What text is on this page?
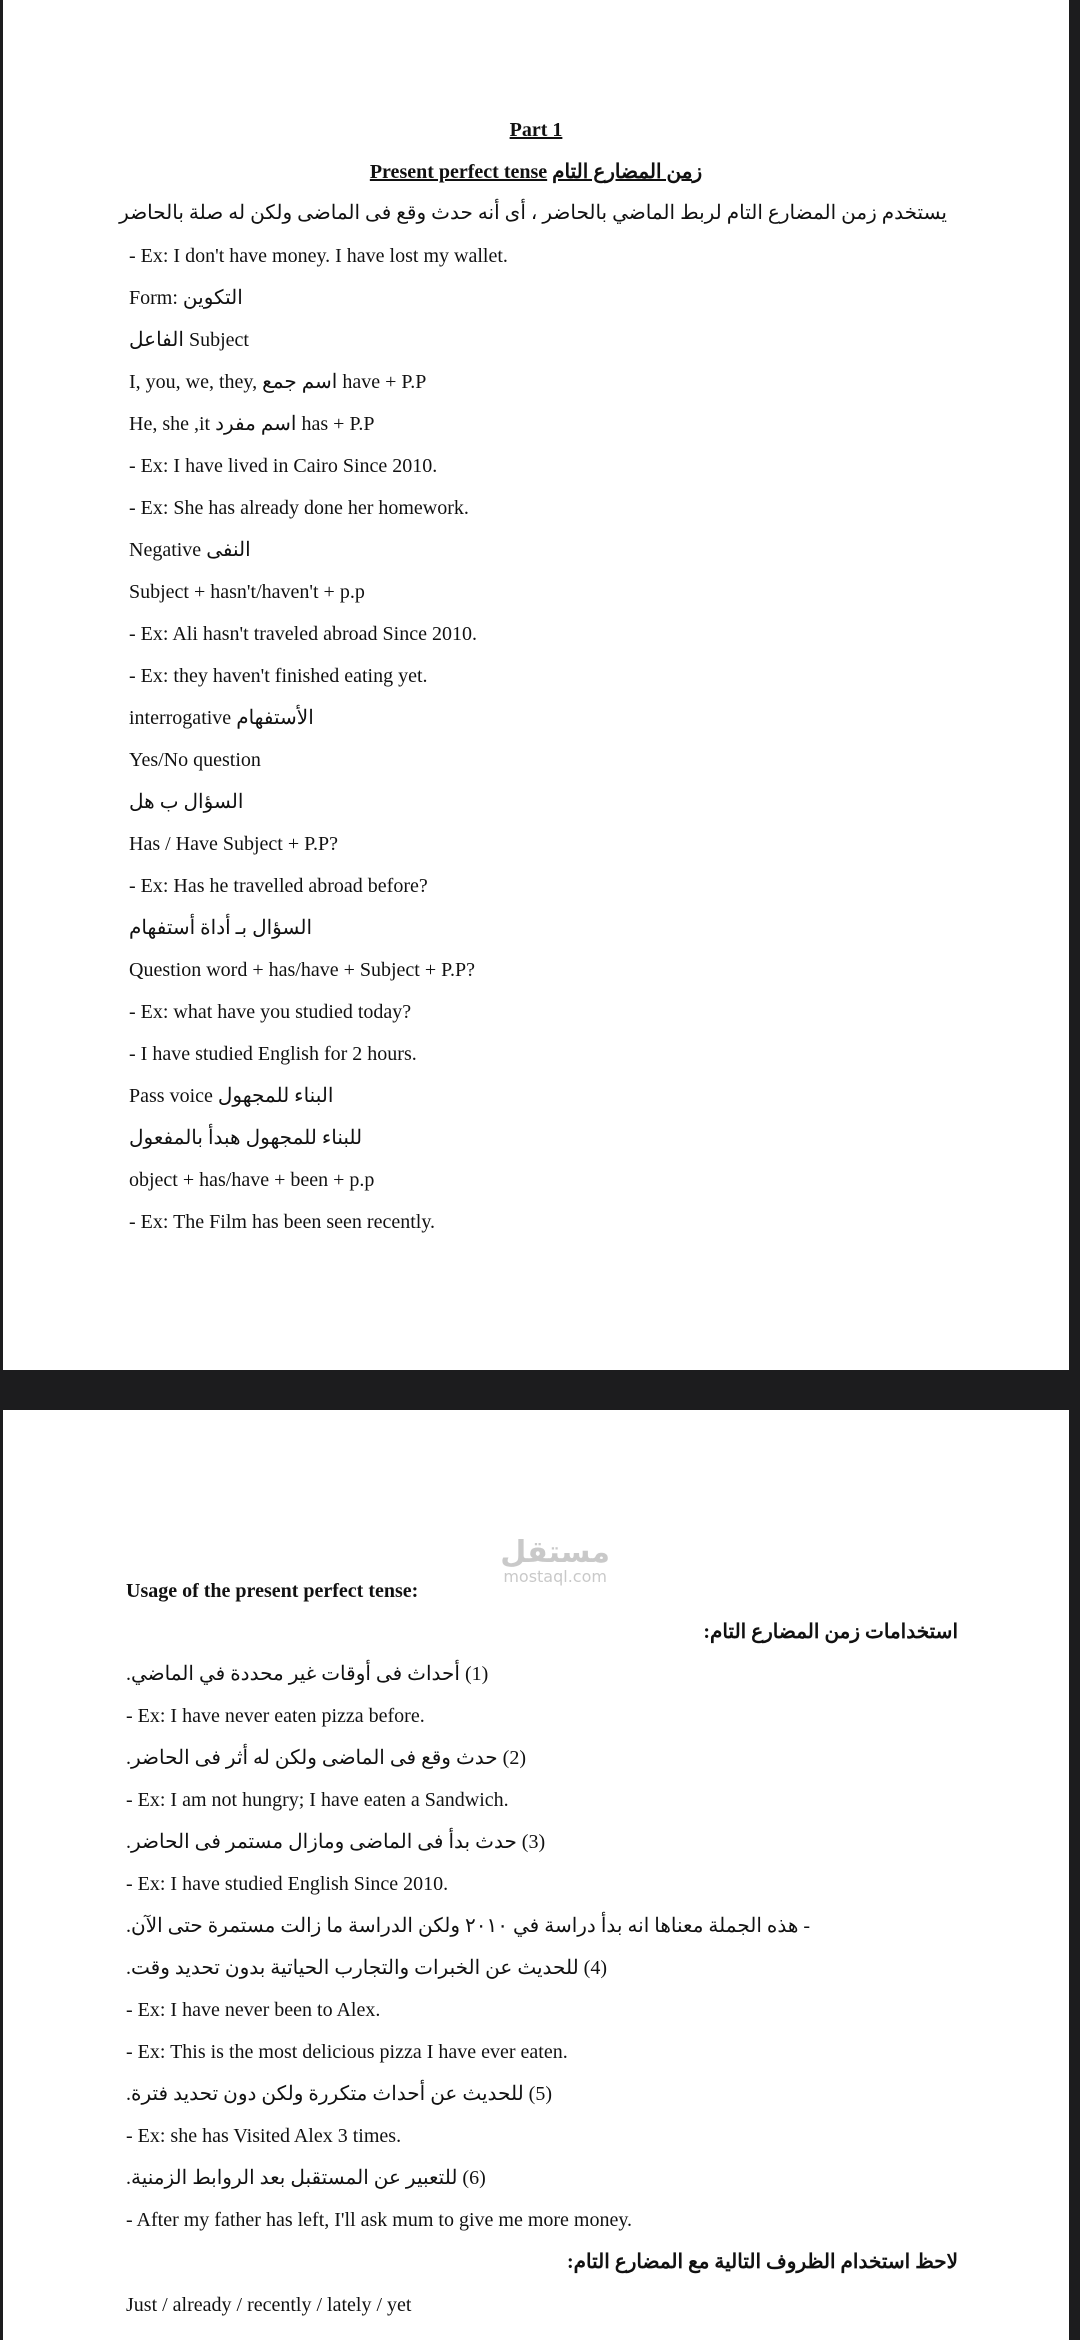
Part 1
Present perfect tense زمن المضارع التام
يستخدم زمن المضارع التام لربط الماضي بالحاضر ، أى أنه حدث وقع فى الماضى ولكن له صلة بالحاضر
- Ex: I don't have money. I have lost my wallet.
Form: التكوين
الفاعل Subject
I, you, we, they, اسم جمع have + P.P
He, she ,it اسم مفرد has + P.P
- Ex: I have lived in Cairo Since 2010.
- Ex: She has already done her homework.
Negative النفى
Subject + hasn't/haven't + p.p
- Ex: Ali hasn't traveled abroad Since 2010.
- Ex: they haven't finished eating yet.
interrogative الأستفهام
Yes/No question
السؤال ب هل
Has / Have Subject + P.P?
- Ex: Has he travelled abroad before?
السؤال بـ أداة أستفهام
Question word + has/have + Subject + P.P?
- Ex: what have you studied today?
- I have studied English for 2 hours.
Pass voice البناء للمجهول
للبناء للمجهول هبدأ بالمفعول
object + has/have + been + p.p
- Ex: The Film has been seen recently.
Usage of the present perfect tense:
استخدامات زمن المضارع التام:
(1) أحداث فى أوقات غير محددة في الماضي.
- Ex: I have never eaten pizza before.
(2) حدث وقع فى الماضى ولكن له أثر فى الحاضر.
- Ex: I am not hungry; I have eaten a Sandwich.
(3) حدث بدأ فى الماضى ومازال مستمر فى الحاضر.
- Ex: I have studied English Since 2010.
- هذه الجملة معناها انه بدأ دراسة في ٢٠١٠ ولكن الدراسة ما زالت مستمرة حتى الآن.
(4) للحديث عن الخبرات والتجارب الحياتية بدون تحديد وقت.
- Ex: I have never been to Alex.
- Ex: This is the most delicious pizza I have ever eaten.
(5) للحديث عن أحداث متكررة ولكن دون تحديد فترة.
- Ex: she has Visited Alex 3 times.
(6) للتعبير عن المستقبل بعد الروابط الزمنية.
- After my father has left, I'll ask mum to give me more money.
لاحظ استخدام الظروف التالية مع المضارع التام:
Just / already / recently / lately / yet
مستقل
mostaql.com
